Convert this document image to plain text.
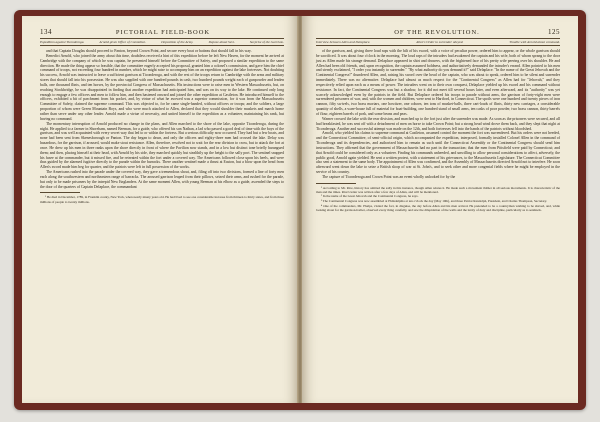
134	PICTORIAL FIELD-BOOK
Expedition against Ticonderoga.	Arnold given Office of Committee.	Deposition of the Army.	Depose about Sevi.	Surprise of the Garrison.

and that Captain Douglas should proceed to Panton, beyond Crown Point, and secure every boat or batteau that should fall in his way.

Benedict Arnold, who joined the army about this time, doubtless received a hint of this expedition before he left New Haven, for the moment he arrived at Cambridge with the company of which he was captain, he presented himself before the Committee of Safety, and proposed a similar expedition to the same direction. He made the thing appear so feasible, that the committee eagerly accepted his proposal, granted him a colonel's commission, and gave him the chief command of troops, not exceeding four hundred in number, which he might raise to accompany him on an expedition against the lake fortresses. Not doubting his success, Arnold was instructed to leave a sufficient garrison at Ticonderoga, and with the rest of the troops return to Cambridge with the arms and military stores that should fall into his possession. He was also supplied with one hundred pounds in cash, two hundred pounds weight each of gunpowder and leaden balls, one thousand flints, and ten horses, by the provincial Congress of Massachusetts. His instructions were to raise men in Western Massachusetts, but, on reaching Stockbridge, he was disappointed in finding that another expedition had anticipated him, and was on its way to the lake. He continued only long enough to engage a few officers and men to follow him, and then hastened onward and joined the other expedition at Castleton. He introduced himself to the officers, exhibited a bit of parchment from his pocket, and, by virtue of what he avowed was a superior commission, for it was from the Massachusetts Committee of Safety, claimed the supreme command. This was objected to, for he came single-handed, without officers or troops; and the soldiers, a large proportion of whom were Green Mountain Boys, and who were much attached to Allen, declared that they would shoulder their muskets and march home rather than serve under any other leader. Arnold made a virtue of necessity, and united himself to the expedition as a volunteer, maintaining his rank, but having no command.

The momentary interruption of Arnold produced no change in the plans, and Allen marched to the shore of the lake, opposite Ticonderoga, during the night. He applied to a farmer in Shoreham, named Beeman, for a guide, who offered his son Nathan, a lad who passed a good deal of time with the boys of the garrison, and was well acquainted with every secret way that led to or within the fortress. But a serious difficulty now occurred. They had but a few boats, and none had been sent from Skenesborough or Panton. The day began to dawn, and only the officers and eighty-three men had crossed the lake. Delay was hazardous, for the garrison, if aroused, would make stout resistance. Allen, therefore, resolved not to wait for the rear division to cross, but to attack the fort at once. He drew up his men in three ranks upon the shore directly in front of where the Pavilion now stands, and in a low but distinct tone briefly harangued them; and then, placing himself at their head, with Arnold by his side, they marched quickly but stealthily up the height to the sally port. The sentinel snapped his fusee at the commander, but it missed fire, and he retreated within the fort under a covered way. The Americans followed close upon his heels, and were thus guided by the alarmed fugitive directly to the parade within the barracks. There another sentinel made a thrust at Easton, but a blow upon the head from Allen's sword made him beg for quarter, and the patriots were left in full possession of the works.

The Americans rushed into the parade under the covered way, they gave a tremendous shout, and, filing off into two divisions, formed a line of forty men each along the southwestern and northeastern range of barracks. The aroused garrison leaped from their pillows, seized their arms, and rushed for the parade, but only to be made prisoners by the intrepid New Englanders. At the same moment Allen, with young Beeman at his elbow as a guide, ascended the steps to the door of the quarters of Captain Delaplace, the commandant

¹ He died in December, 1789, in Franklin county, New York, when nearly ninety years old. He had lived to see one considerable increase from thirteen to thirty states, and from three millions of people to twenty millions.

OF THE REVOLUTION.	125
Interview between Allen and Delaplace.	Allen's Order to surrender obeyed.	Trouble with Arnold about command.

of the garrison, and, giving three loud raps with the hilt of his sword, with a voice of peculiar power, ordered him to appear, or the whole garrison should be sacrificed. It was about four o'clock in the morning. The loud raps of the intruders had awakened the captain and his wife, both of whom sprang to the door just as Allen made his strange demand. Delaplace appeared in shirt and drawers, with the frightened face of his pretty wife peering over his shoulder. He and Allen had been old friends, and, upon recognition, the captain assumed boldness, and authoritatively demanded the intruder's errand. Allen pointed to his men and sternly exclaimed, "I order you instantly to surrender." "By what authority do you demand it?" said Delaplace. "In the name of the Great Jehovah and the Continental Congress!" thundered Allen, and, raising his sword over the head of the captain, who was about to speak, ordered him to be silent and surrender immediately. There was no alternative. Delaplace had almost as much respect for the "Continental Congress" as Allen had for "Jehovah," and they respectively relied upon each as a means of power. The intruders went on to their own conquest, Delaplace yielded up his sword and his command without resistance. In fact, the Continental Congress was but a shadow, for it did not meet till several hours later, and even afterward, and its "authority" was yet scarcely acknowledged even by the patriots in the field. But Delaplace ordered his troops to parade without arms, the garrison of forty-eight men were surrendered prisoners of war, and, with the women and children, were sent to Hartford, in Connecticut. The spoils were one hundred and twenty pieces of iron cannon, fifty swivels, two brass mortars, one howitzer, one cohorn, ten tons of musket-balls, three cart-loads of flints, thirty new carriages, a considerable quantity of shells, a ware-house full of material for boat-building, one hundred stand of small arms, ten casks of poor powder, two brass cannon, thirty barrels of flour, eighteen barrels of pork, and some beans and peas.

Warner crossed the lake with the rear division, and marched up to the fort just after the surrender was made. As soon as the prisoners were secured, and all had breakfasted, he was sent off with a detachment of men on horse to take Crown Point; but a strong head wind drove them back, and they slept that night at Ticonderoga. Another and successful attempt was made on the 12th, and both fortresses fell into the hands of the patriots without bloodshed.

Arnold, who yielded his claims to supreme command at Castleton, assumed control the moment the fort was surrendered. But his orders were not heeded, and the Connecticut Committee, of semi-official origin, which accompanied the expedition, interposed, formally installed Colonel Allen in the command of Ticonderoga and its dependencies, and authorized him to remain as such until the Connecticut Assembly or the Continental Congress should send him instructions. They affirmed that the government of Massachusetts had no part in the transaction; that the men from Pittsfield were paid by Connecticut; and that Arnold could be considered only as a volunteer. Finding his commands unheeded, and unwilling to allow personal considerations to affect, adversely, the public good, Arnold again yielded. He sent a written protest, with a statement of his grievances, to the Massachusetts Legislature. The Connecticut Committee also sent a statement to the same body. The appointment of Allen was confirmed, and the Assembly of Massachusetts directed Arnold not to interfere. He soon afterward went down the lake to seize a British sloop of war at St. John's, and to seek other and more congenial fields where he might be employed in the service of his country.

The capture of Ticonderoga and Crown Point was an event wholly unlooked for by the

¹ According to Mr. Rice, history has omitted the sally in this instance, though Allen relates it. He made such a movement thither in all serious movements. It is characteristic of the man and the times. Rice's letter was written after a few days of Allen, and will be mentioned.

² In the name of the Great Jehovah and the Continental Congress, he says.

³ The Continental Congress was now assembled at Philadelphia at ten o'clock the day (May 10th), and three Patriot Randolph, President, and Charles Thompson, Secretary.

⁴ One of the commanders, Mr. Phelps, visited the fort, in disguise, the day before Allen and his men arrived. He pretended to be a countryman wishing to be shaved, and, while looking about for the garrison-barber, observed every thing carefully, and saw the dilapidation of the walls and the laxity of duty and discipline, particularly as to sentinels.
